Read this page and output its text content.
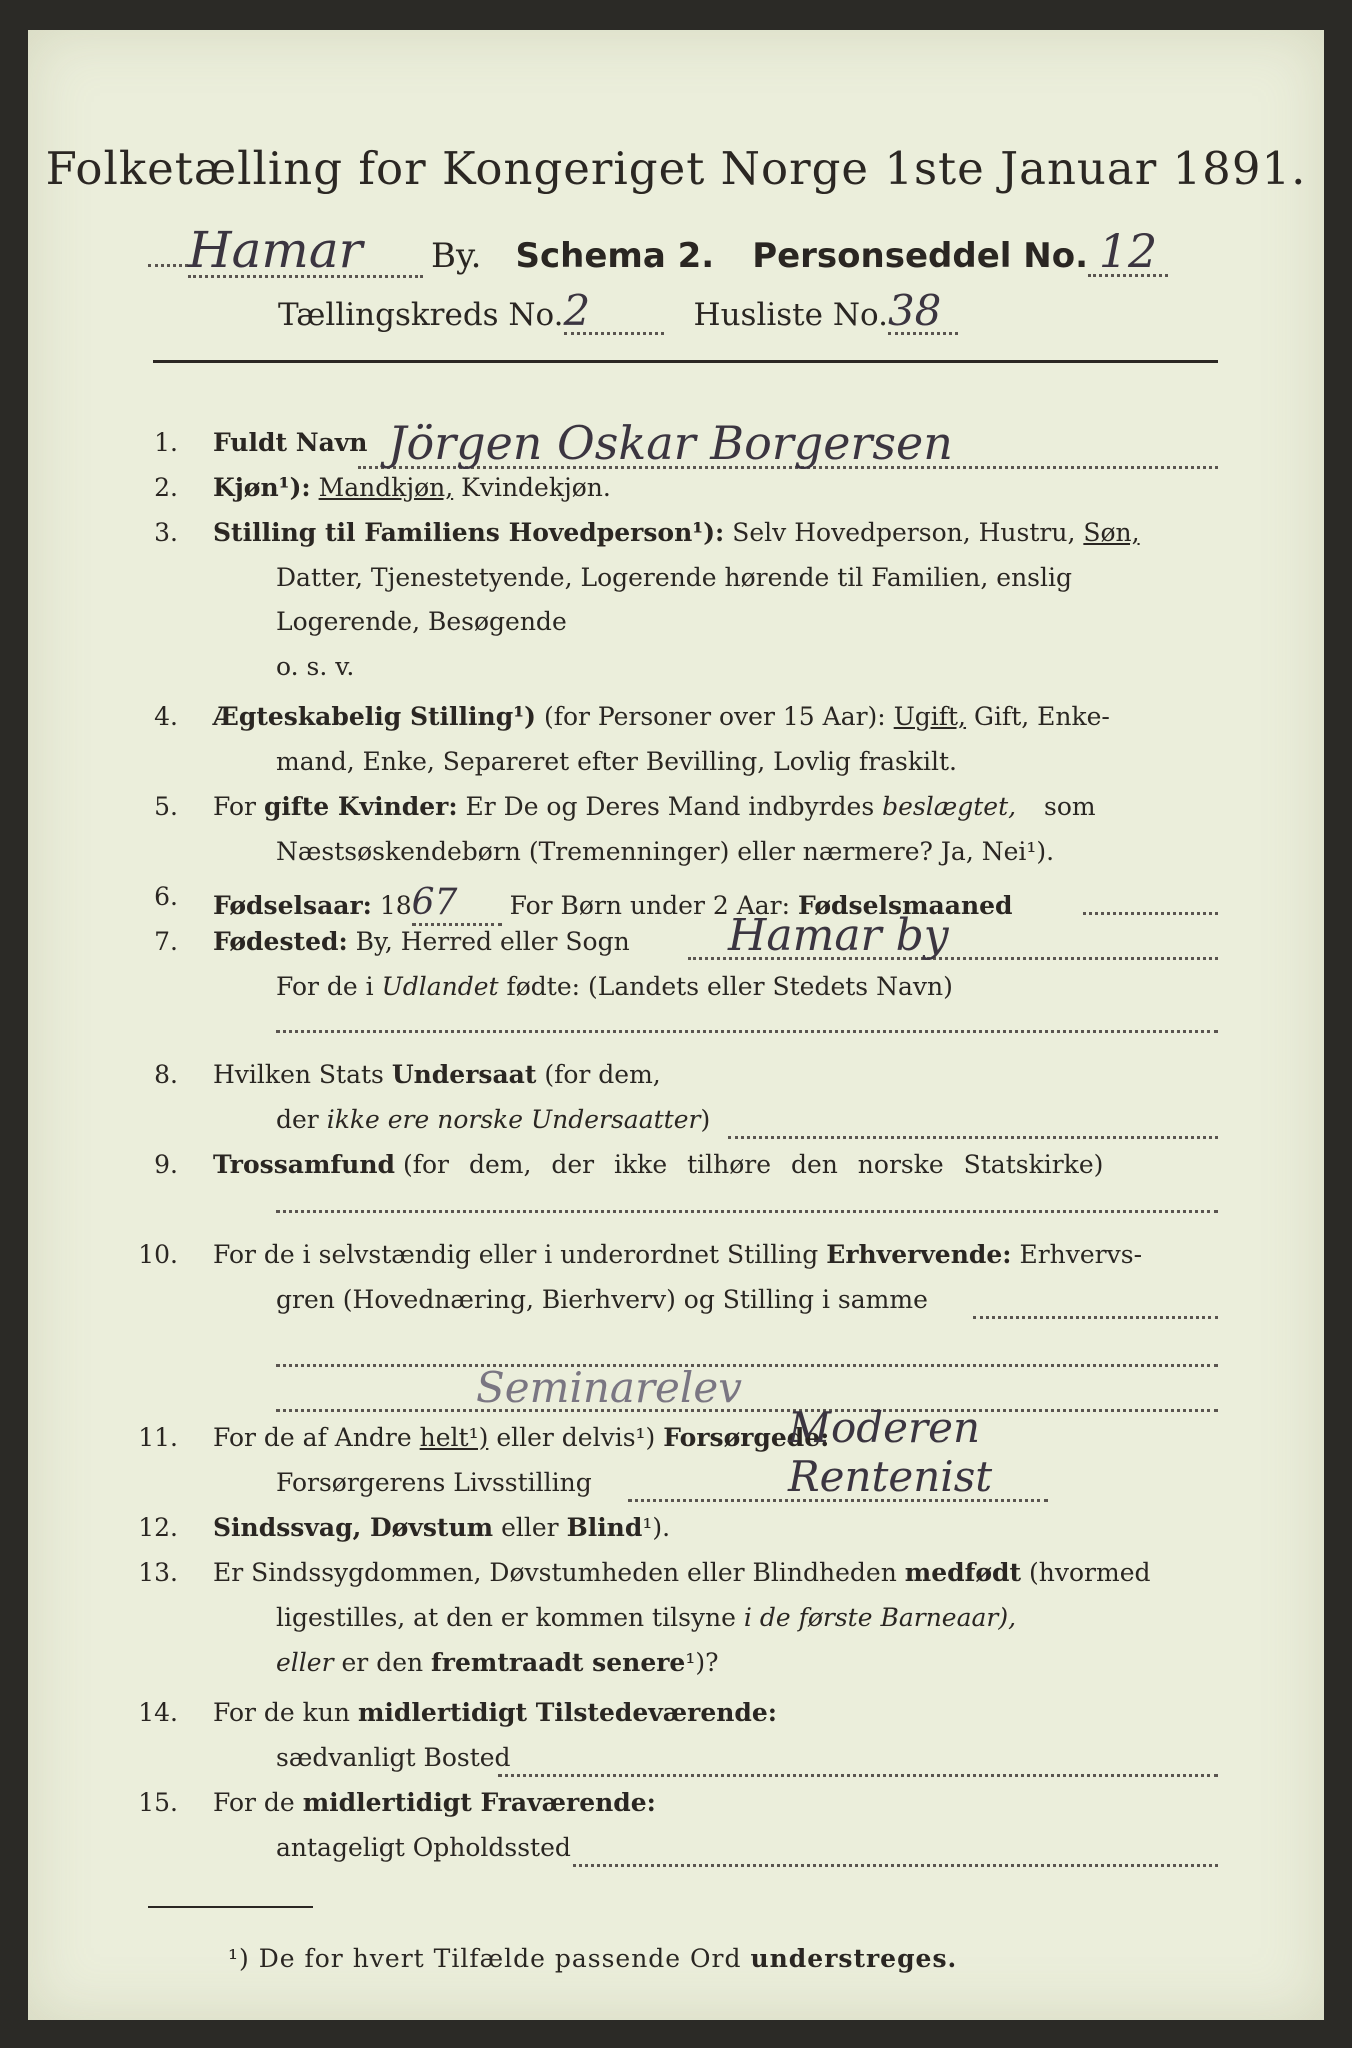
Folketælling for Kongeriget Norge 1ste Januar 1891.
Hamar	By. Schema 2. Personseddel No. 12
Tællingskreds No. 2	Husliste No. 38
1. Fuldt Navn Jörgen Oskar Borgersen
2. Kjøn¹): Mandkjøn, Kvindekjøn.
3. Stilling til Familiens Hovedperson¹): Selv Hovedperson, Hustru, Søn,
Datter, Tjenestetyende, Logerende hørende til Familien, enslig
Logerende, Besøgende
o. s. v.
4. Ægteskabelig Stilling¹) (for Personer over 15 Aar): Ugift, Gift, Enke-
mand, Enke, Separeret efter Bevilling, Lovlig fraskilt.
5. For gifte Kvinder: Er De og Deres Mand indbyrdes beslægtet, som
Næstsøskendebørn (Tremenninger) eller nærmere? Ja, Nei¹).
6. Fødselsaar: 1867 For Børn under 2 Aar: Fødselsmaaned
7. Fødested: By, Herred eller Sogn Hamar by
For de i Udlandet fødte: (Landets eller Stedets Navn)
8. Hvilken Stats Undersaat (for dem,
der ikke ere norske Undersaatter)
9. Trossamfund (for dem, der ikke tilhøre den norske Statskirke)
10. For de i selvstændig eller i underordnet Stilling Erhvervende: Erhvervs-
gren (Hovednæring, Bierhverv) og Stilling i samme
Seminarelev
11. For de af Andre helt¹) eller delvis¹) Forsørgede:
Forsørgerens Livsstilling
Moderen Rentenist
12. Sindssvag, Døvstum eller Blind¹).
13. Er Sindssygdommen, Døvstumheden eller Blindheden medfødt (hvormed
ligestilles, at den er kommen tilsyne i de første Barneaar),
eller er den fremtraadt senere¹)?
14. For de kun midlertidigt Tilstedeværende:
sædvanligt Bosted
15. For de midlertidigt Fraværende:
antageligt Opholdssted
¹) De for hvert Tilfælde passende Ord understreges.
